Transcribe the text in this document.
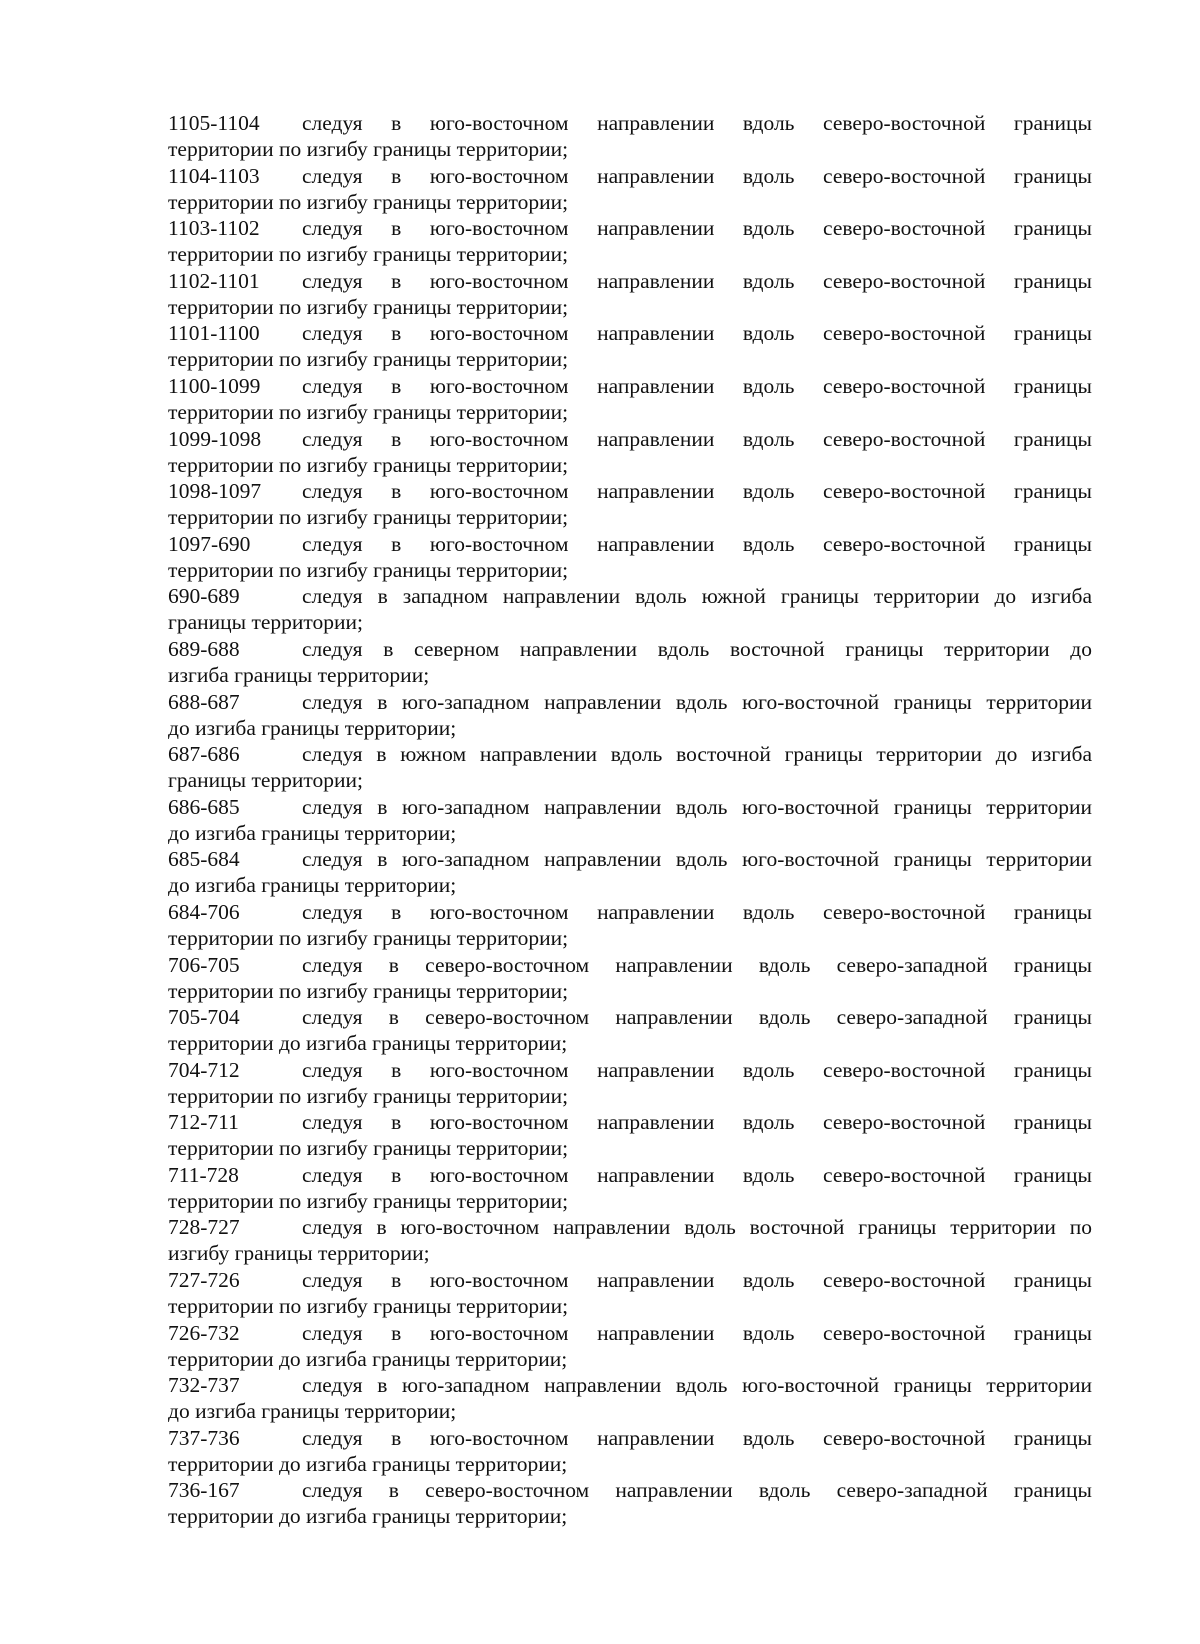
1105-1104	следуя в юго-восточном направлении вдоль северо-восточной границы
территории по изгибу границы территории;
1104-1103	следуя в юго-восточном направлении вдоль северо-восточной границы
территории по изгибу границы территории;
1103-1102	следуя в юго-восточном направлении вдоль северо-восточной границы
территории по изгибу границы территории;
1102-1101	следуя в юго-восточном направлении вдоль северо-восточной границы
территории по изгибу границы территории;
1101-1100	следуя в юго-восточном направлении вдоль северо-восточной границы
территории по изгибу границы территории;
1100-1099	следуя в юго-восточном направлении вдоль северо-восточной границы
территории по изгибу границы территории;
1099-1098	следуя в юго-восточном направлении вдоль северо-восточной границы
территории по изгибу границы территории;
1098-1097	следуя в юго-восточном направлении вдоль северо-восточной границы
территории по изгибу границы территории;
1097-690	следуя в юго-восточном направлении вдоль северо-восточной границы
территории по изгибу границы территории;
690-689	следуя в западном направлении вдоль южной границы территории до изгиба
границы территории;
689-688	следуя в северном направлении вдоль восточной границы территории до
изгиба границы территории;
688-687	следуя в юго-западном направлении вдоль юго-восточной границы территории
до изгиба границы территории;
687-686	следуя в южном направлении вдоль восточной границы территории до изгиба
границы территории;
686-685	следуя в юго-западном направлении вдоль юго-восточной границы территории
до изгиба границы территории;
685-684	следуя в юго-западном направлении вдоль юго-восточной границы территории
до изгиба границы территории;
684-706	следуя в юго-восточном направлении вдоль северо-восточной границы
территории по изгибу границы территории;
706-705	следуя в северо-восточном направлении вдоль северо-западной границы
территории по изгибу границы территории;
705-704	следуя в северо-восточном направлении вдоль северо-западной границы
территории до изгиба границы территории;
704-712	следуя в юго-восточном направлении вдоль северо-восточной границы
территории по изгибу границы территории;
712-711	следуя в юго-восточном направлении вдоль северо-восточной границы
территории по изгибу границы территории;
711-728	следуя в юго-восточном направлении вдоль северо-восточной границы
территории по изгибу границы территории;
728-727	следуя в юго-восточном направлении вдоль восточной границы территории по
изгибу границы территории;
727-726	следуя в юго-восточном направлении вдоль северо-восточной границы
территории по изгибу границы территории;
726-732	следуя в юго-восточном направлении вдоль северо-восточной границы
территории до изгиба границы территории;
732-737	следуя в юго-западном направлении вдоль юго-восточной границы территории
до изгиба границы территории;
737-736	следуя в юго-восточном направлении вдоль северо-восточной границы
территории до изгиба границы территории;
736-167	следуя в северо-восточном направлении вдоль северо-западной границы
территории до изгиба границы территории;
